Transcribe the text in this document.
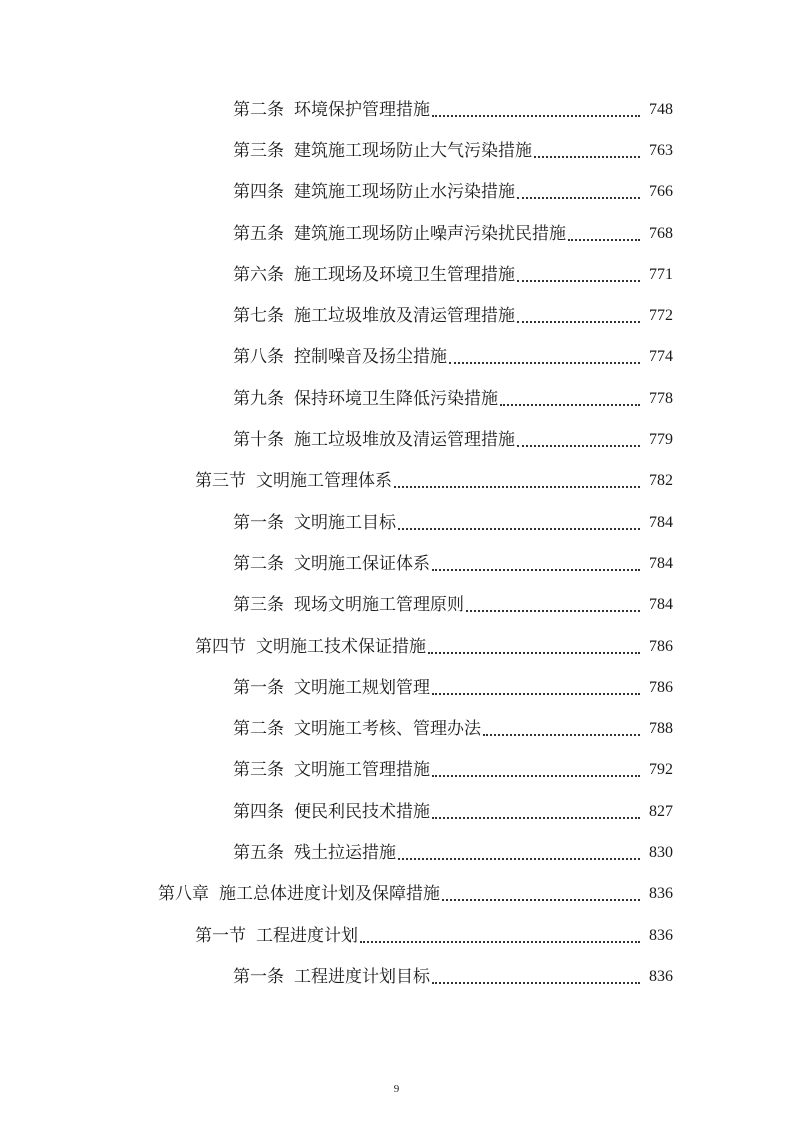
第二条 环境保护管理措施	748
第三条 建筑施工现场防止大气污染措施	763
第四条 建筑施工现场防止水污染措施	766
第五条 建筑施工现场防止噪声污染扰民措施	768
第六条 施工现场及环境卫生管理措施	771
第七条 施工垃圾堆放及清运管理措施	772
第八条 控制噪音及扬尘措施	774
第九条 保持环境卫生降低污染措施	778
第十条 施工垃圾堆放及清运管理措施	779
第三节 文明施工管理体系	782
第一条 文明施工目标	784
第二条 文明施工保证体系	784
第三条 现场文明施工管理原则	784
第四节 文明施工技术保证措施	786
第一条 文明施工规划管理	786
第二条 文明施工考核、管理办法	788
第三条 文明施工管理措施	792
第四条 便民利民技术措施	827
第五条 残土拉运措施	830
第八章 施工总体进度计划及保障措施	836
第一节 工程进度计划	836
第一条 工程进度计划目标	836
9
